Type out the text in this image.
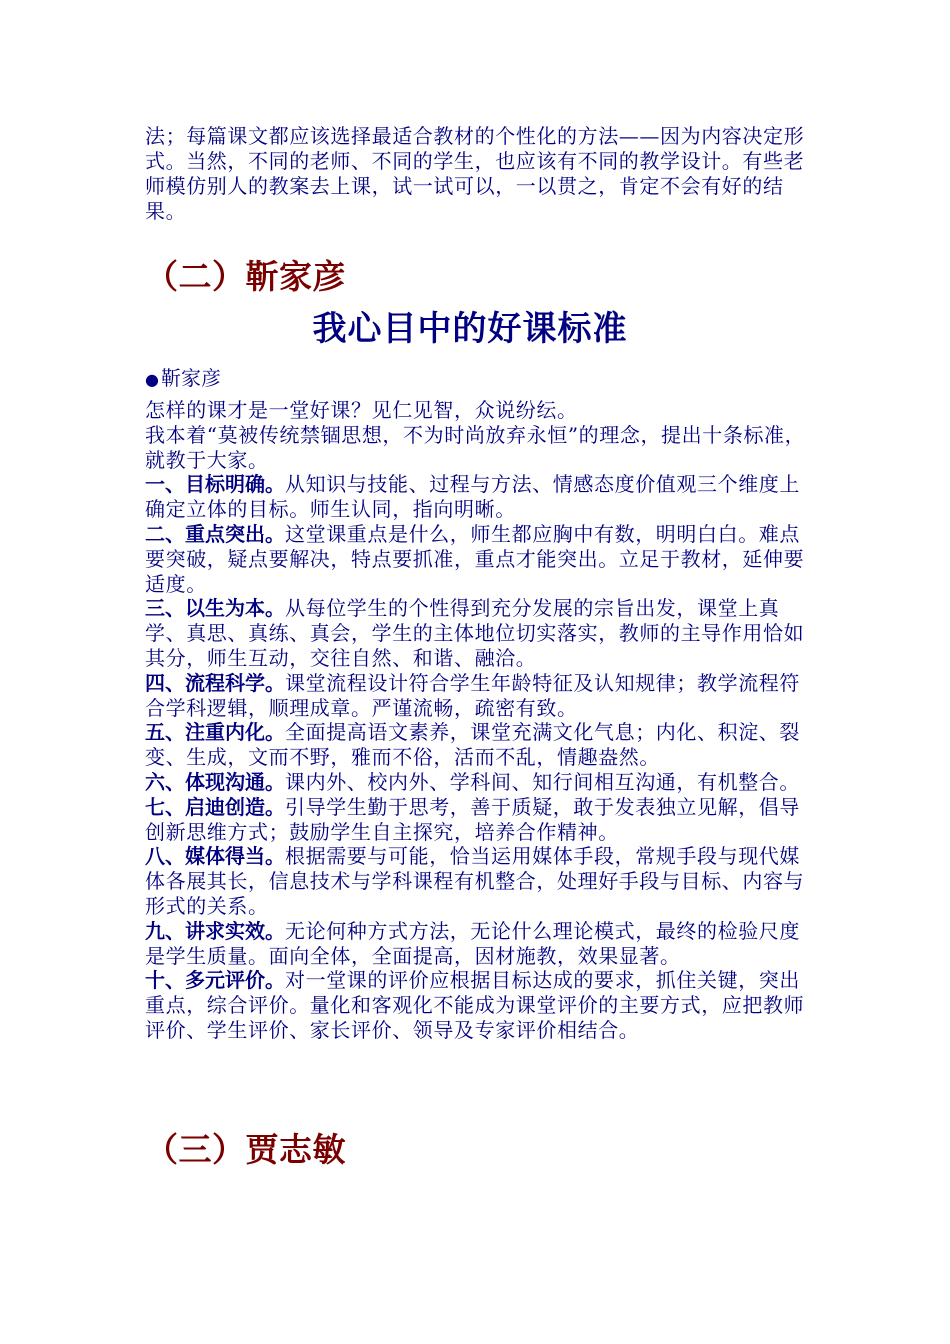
法；每篇课文都应该选择最适合教材的个性化的方法——因为内容决定形式。当然，不同的老师、不同的学生，也应该有不同的教学设计。有些老师模仿别人的教案去上课，试一试可以，一以贯之，肯定不会有好的结果。

（二）靳家彦
我心目中的好课标准

● 靳家彦

怎样的课才是一堂好课？见仁见智，众说纷纭。

我本着“莫被传统禁锢思想，不为时尚放弃永恒”的理念，提出十条标准，就教于大家。

一、目标明确。从知识与技能、过程与方法、情感态度价值观三个维度上确定立体的目标。师生认同，指向明晰。

二、重点突出。这堂课重点是什么，师生都应胸中有数，明明白白。难点要突破，疑点要解决，特点要抓准，重点才能突出。立足于教材，延伸要适度。

三、以生为本。从每位学生的个性得到充分发展的宗旨出发，课堂上真学、真思、真练、真会，学生的主体地位切实落实，教师的主导作用恰如其分，师生互动，交往自然、和谐、融洽。

四、流程科学。课堂流程设计符合学生年龄特征及认知规律；教学流程符合学科逻辑，顺理成章。严谨流畅，疏密有致。

五、注重内化。全面提高语文素养，课堂充满文化气息；内化、积淀、裂变、生成，文而不野，雅而不俗，活而不乱，情趣盎然。

六、体现沟通。课内外、校内外、学科间、知行间相互沟通，有机整合。

七、启迪创造。引导学生勤于思考，善于质疑，敢于发表独立见解，倡导创新思维方式；鼓励学生自主探究，培养合作精神。

八、媒体得当。根据需要与可能，恰当运用媒体手段，常规手段与现代媒体各展其长，信息技术与学科课程有机整合，处理好手段与目标、内容与形式的关系。

九、讲求实效。无论何种方式方法，无论什么理论模式，最终的检验尺度是学生质量。面向全体，全面提高，因材施教，效果显著。

十、多元评价。对一堂课的评价应根据目标达成的要求，抓住关键，突出重点，综合评价。量化和客观化不能成为课堂评价的主要方式，应把教师评价、学生评价、家长评价、领导及专家评价相结合。

（三）贾志敏
